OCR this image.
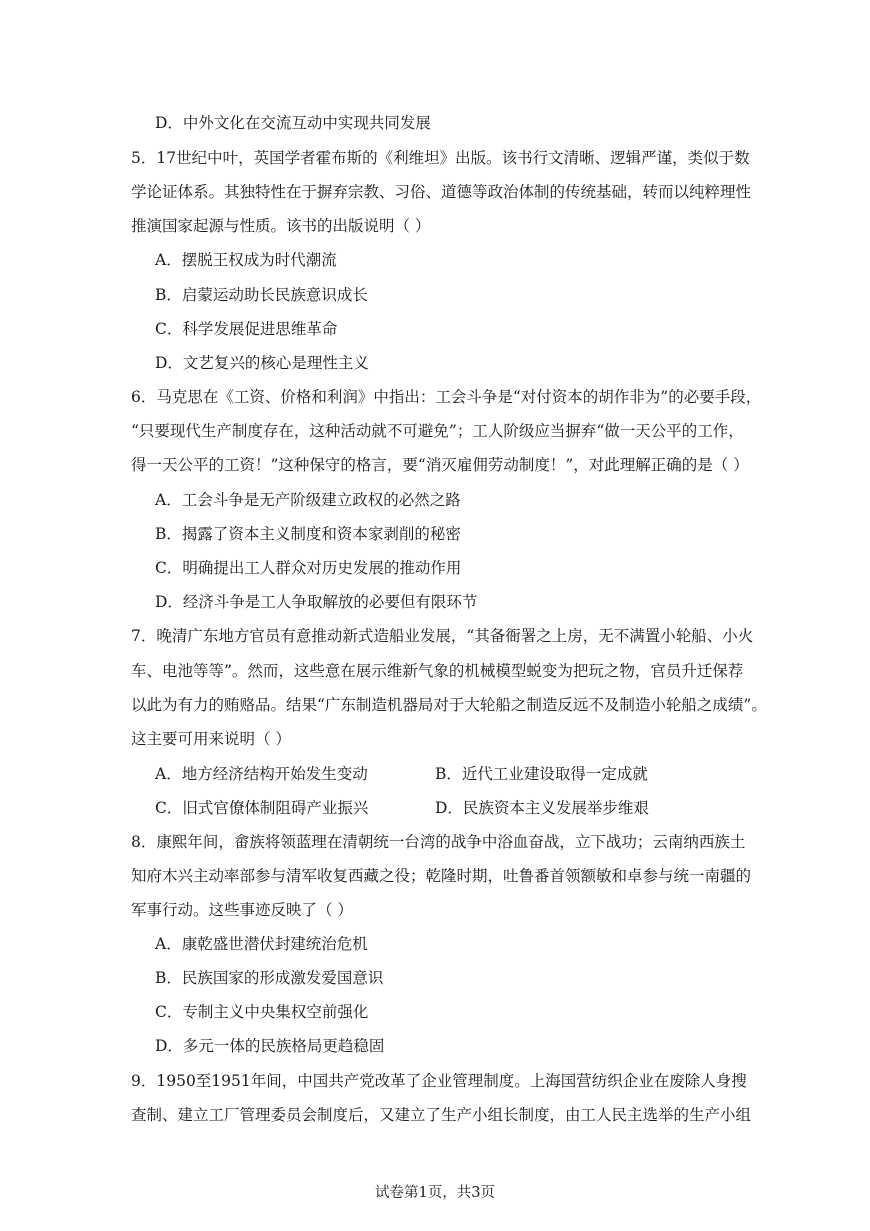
D．中外文化在交流互动中实现共同发展
5．17世纪中叶，英国学者霍布斯的《利维坦》出版。该书行文清晰、逻辑严谨，类似于数
学论证体系。其独特性在于摒弃宗教、习俗、道德等政治体制的传统基础，转而以纯粹理性
推演国家起源与性质。该书的出版说明（ ）
A．摆脱王权成为时代潮流
B．启蒙运动助长民族意识成长
C．科学发展促进思维革命
D．文艺复兴的核心是理性主义
6．马克思在《工资、价格和利润》中指出：工会斗争是“对付资本的胡作非为”的必要手段，
“只要现代生产制度存在，这种活动就不可避免”；工人阶级应当摒弃“做一天公平的工作，
得一天公平的工资！”这种保守的格言，要“消灭雇佣劳动制度！”，对此理解正确的是（ ）
A．工会斗争是无产阶级建立政权的必然之路
B．揭露了资本主义制度和资本家剥削的秘密
C．明确提出工人群众对历史发展的推动作用
D．经济斗争是工人争取解放的必要但有限环节
7．晚清广东地方官员有意推动新式造船业发展，“其备衙署之上房，无不满置小轮船、小火
车、电池等等”。然而，这些意在展示维新气象的机械模型蜕变为把玩之物，官员升迁保荐
以此为有力的贿赂品。结果“广东制造机器局对于大轮船之制造反远不及制造小轮船之成绩”。
这主要可用来说明（ ）
A．地方经济结构开始发生变动	B．近代工业建设取得一定成就
C．旧式官僚体制阻碍产业振兴	D．民族资本主义发展举步维艰
8．康熙年间，畲族将领蓝理在清朝统一台湾的战争中浴血奋战，立下战功；云南纳西族土
知府木兴主动率部参与清军收复西藏之役；乾隆时期，吐鲁番首领额敏和卓参与统一南疆的
军事行动。这些事迹反映了（ ）
A．康乾盛世潜伏封建统治危机
B．民族国家的形成激发爱国意识
C．专制主义中央集权空前强化
D．多元一体的民族格局更趋稳固
9．1950至1951年间，中国共产党改革了企业管理制度。上海国营纺织企业在废除人身搜
查制、建立工厂管理委员会制度后，又建立了生产小组长制度，由工人民主选举的生产小组
试卷第1页，共3页
